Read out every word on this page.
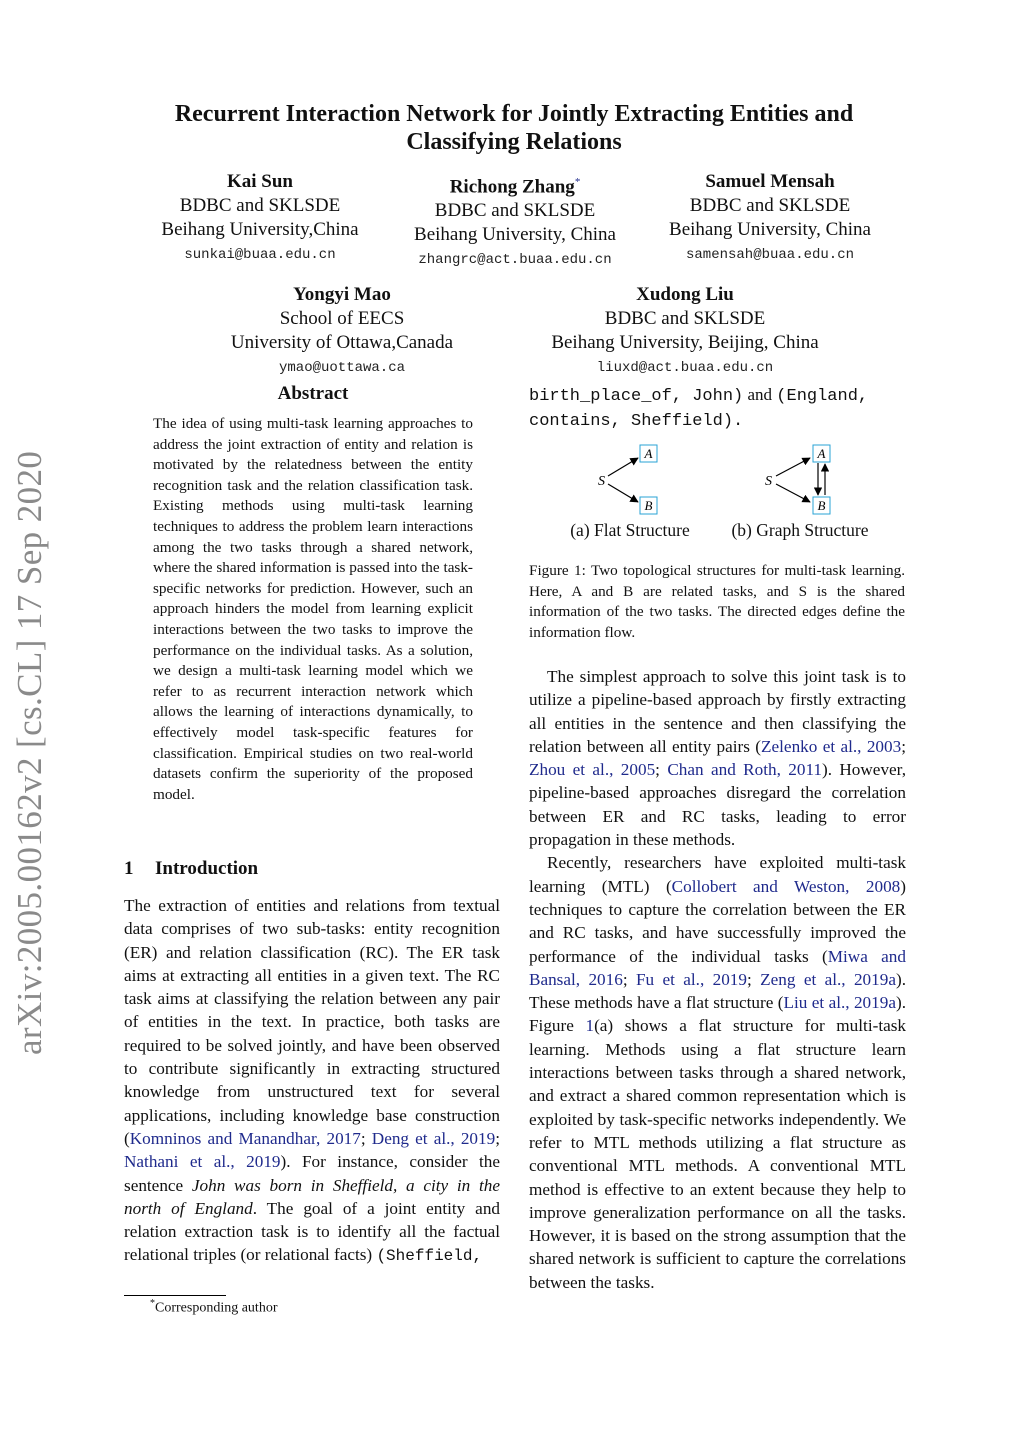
Recurrent Interaction Network for Jointly Extracting Entities and
Classifying Relations
Kai Sun
BDBC and SKLSDE
Beihang University,China
sunkai@buaa.edu.cn
Richong Zhang*
BDBC and SKLSDE
Beihang University, China
zhangrc@act.buaa.edu.cn
Samuel Mensah
BDBC and SKLSDE
Beihang University, China
samensah@buaa.edu.cn
Yongyi Mao
School of EECS
University of Ottawa,Canada
ymao@uottawa.ca
Xudong Liu
BDBC and SKLSDE
Beihang University, Beijing, China
liuxd@act.buaa.edu.cn
arXiv:2005.00162v2 [cs.CL] 17 Sep 2020
Abstract
The idea of using multi-task learning approaches to address the joint extraction of entity and relation is motivated by the relatedness between the entity recognition task and the relation classification task. Existing methods using multi-task learning techniques to address the problem learn interactions among the two tasks through a shared network, where the shared information is passed into the task-specific networks for prediction. However, such an approach hinders the model from learning explicit interactions between the two tasks to improve the performance on the individual tasks. As a solution, we design a multi-task learning model which we refer to as recurrent interaction network which allows the learning of interactions dynamically, to effectively model task-specific features for classification. Empirical studies on two real-world datasets confirm the superiority of the proposed model.
1 Introduction

The extraction of entities and relations from textual data comprises of two sub-tasks: entity recognition (ER) and relation classification (RC). The ER task aims at extracting all entities in a given text. The RC task aims at classifying the relation between any pair of entities in the text. In practice, both tasks are required to be solved jointly, and have been observed to contribute significantly in extracting structured knowledge from unstructured text for several applications, including knowledge base construction (Komninos and Manandhar, 2017; Deng et al., 2019; Nathani et al., 2019). For instance, consider the sentence John was born in Sheffield, a city in the north of England. The goal of a joint entity and relation extraction task is to identify all the factual relational triples (or relational facts) (Sheffield,

*Corresponding author
birth_place_of, John) and (England,
contains, Sheffield).
S
A
B
S
A
B
(a) Flat Structure	(b) Graph Structure
Figure 1: Two topological structures for multi-task learning. Here, A and B are related tasks, and S is the shared information of the two tasks. The directed edges define the information flow.

The simplest approach to solve this joint task is to utilize a pipeline-based approach by firstly extracting all entities in the sentence and then classifying the relation between all entity pairs (Zelenko et al., 2003; Zhou et al., 2005; Chan and Roth, 2011). However, pipeline-based approaches disregard the correlation between ER and RC tasks, leading to error propagation in these methods.

Recently, researchers have exploited multi-task learning (MTL) (Collobert and Weston, 2008) techniques to capture the correlation between the ER and RC tasks, and have successfully improved the performance of the individual tasks (Miwa and Bansal, 2016; Fu et al., 2019; Zeng et al., 2019a). These methods have a flat structure (Liu et al., 2019a). Figure 1(a) shows a flat structure for multi-task learning. Methods using a flat structure learn interactions between tasks through a shared network, and extract a shared common representation which is exploited by task-specific networks independently. We refer to MTL methods utilizing a flat structure as conventional MTL methods. A conventional MTL method is effective to an extent because they help to improve generalization performance on all the tasks. However, it is based on the strong assumption that the shared network is sufficient to capture the correlations between the tasks.
